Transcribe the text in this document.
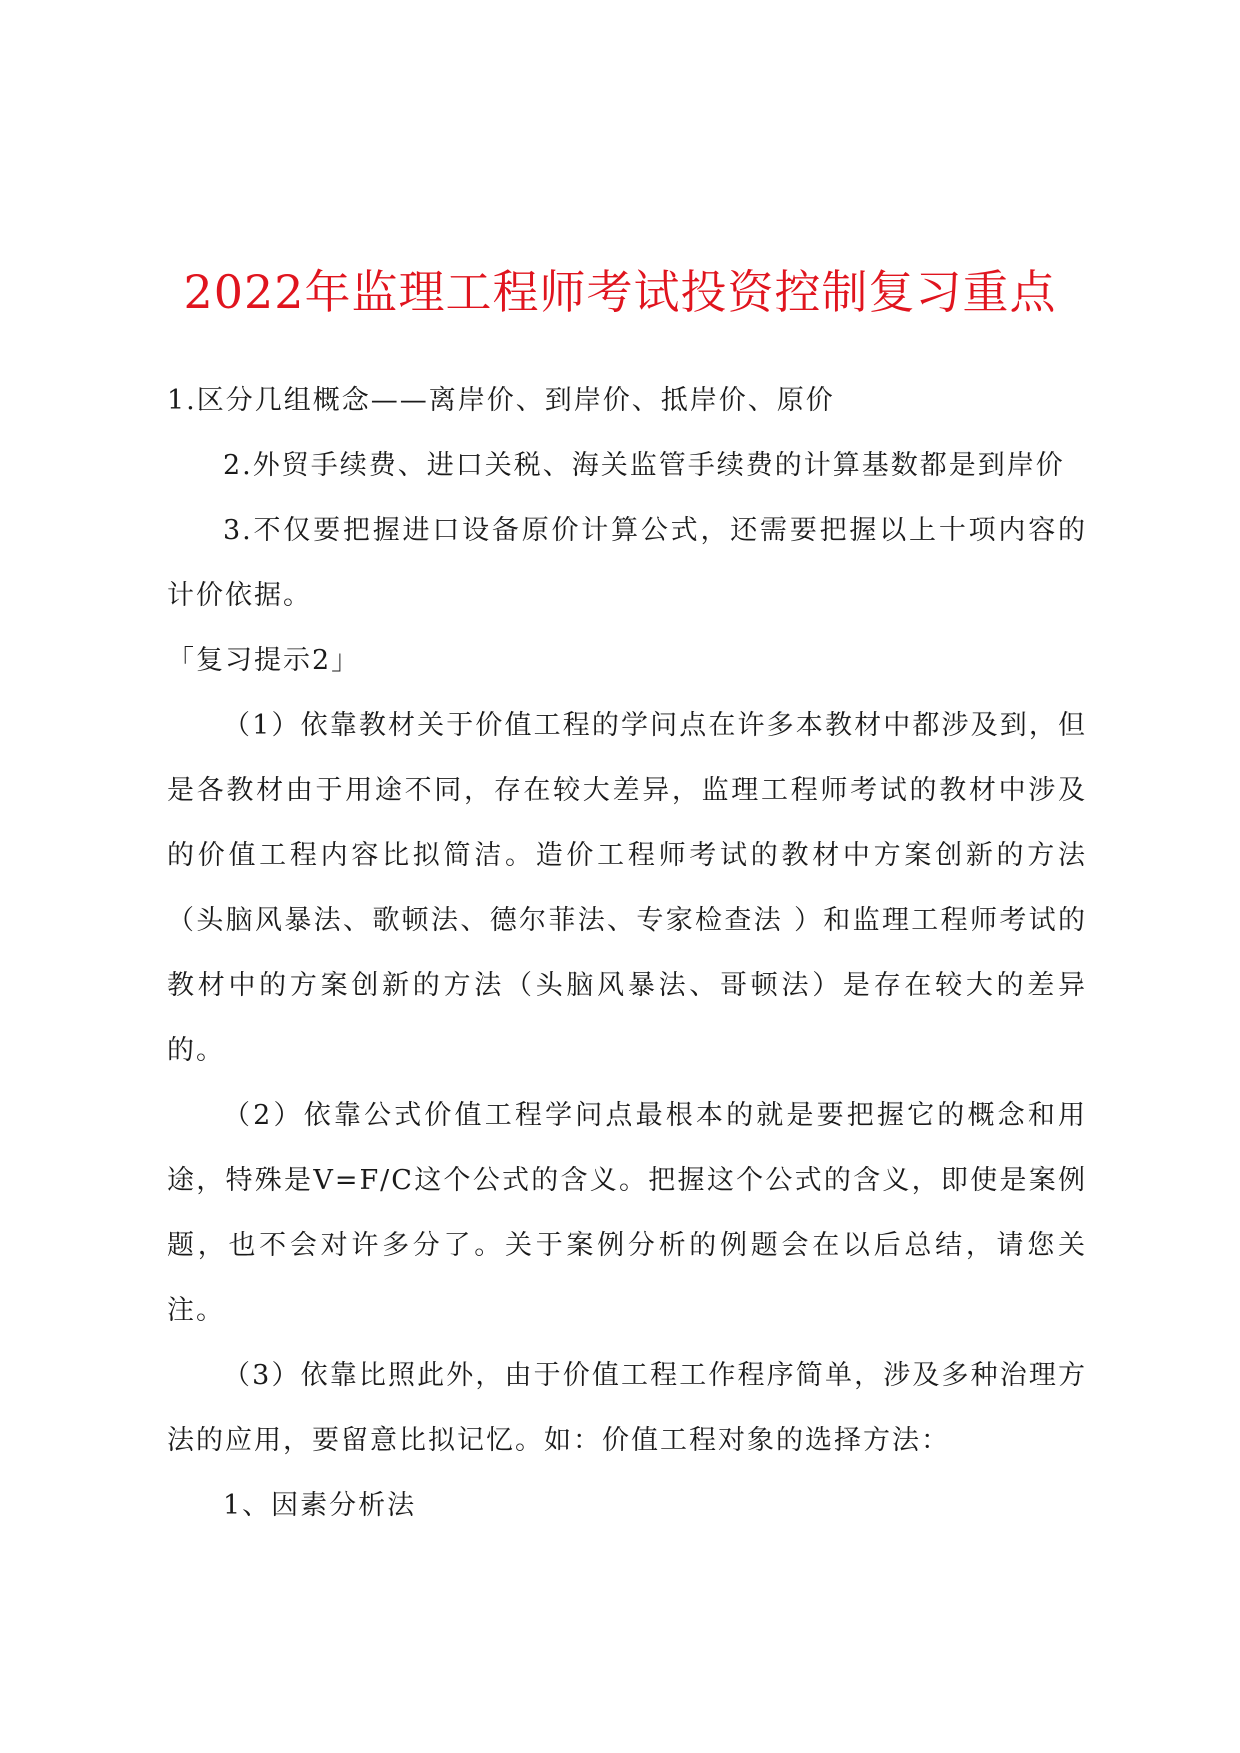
2022年监理工程师考试投资控制复习重点

1.区分几组概念——离岸价、到岸价、抵岸价、原价

2.外贸手续费、进口关税、海关监管手续费的计算基数都是到岸价

3.不仅要把握进口设备原价计算公式，还需要把握以上十项内容的计价依据。

「复习提示2」

（1）依靠教材关于价值工程的学问点在许多本教材中都涉及到，但是各教材由于用途不同，存在较大差异，监理工程师考试的教材中涉及的价值工程内容比拟简洁。造价工程师考试的教材中方案创新的方法（头脑风暴法、歌顿法、德尔菲法、专家检查法 ）和监理工程师考试的教材中的方案创新的方法（头脑风暴法、哥顿法）是存在较大的差异的。

（2）依靠公式价值工程学问点最根本的就是要把握它的概念和用途，特殊是V=F/C这个公式的含义。把握这个公式的含义，即使是案例题，也不会对许多分了。关于案例分析的例题会在以后总结，请您关注。

（3）依靠比照此外，由于价值工程工作程序简单，涉及多种治理方法的应用，要留意比拟记忆。如：价值工程对象的选择方法：

1、因素分析法
